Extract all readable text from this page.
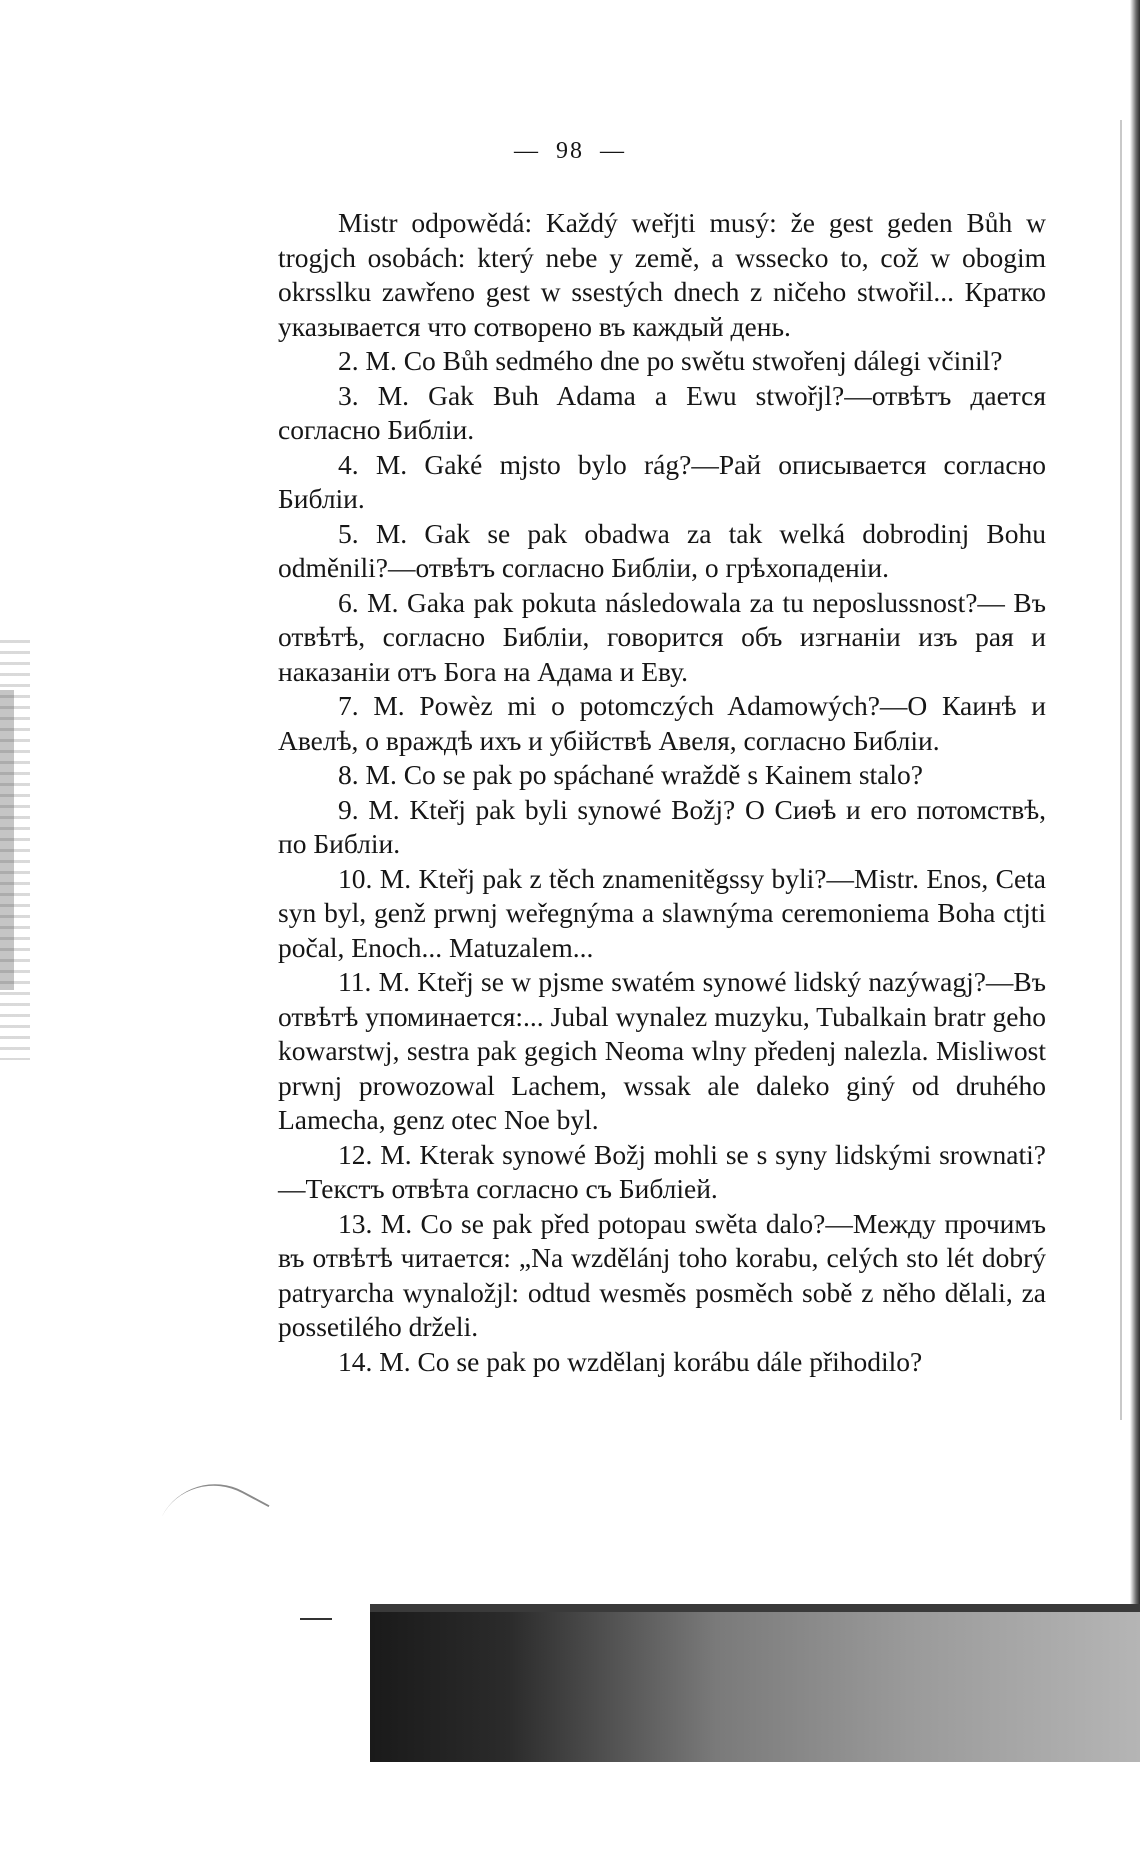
— 98 —

Mistr odpowědá: Každý weřjti musý: že gest geden Bůh w trogjch osobách: který nebe y země, a wssecko to, což w obogim okrsslku zawřeno gest w ssestých dnech z ničeho stwořil... Кратко указывается что сотворено въ каждый день.

2. M. Co Bůh sedmého dne po swětu stwořenj dálegi včinil?

3. M. Gak Buh Adama a Ewu stwořjl?—отвѣтъ дается согласно Библіи.

4. M. Gaké mjsto bylo rág?—Рай описывается согласно Библіи.

5. M. Gak se pak obadwa za tak welká dobrodinj Bohu odměnili?—отвѣтъ согласно Библіи, о грѣхопаденіи.

6. M. Gaka pak pokuta následowala za tu neposlussnost?— Въ отвѣтѣ, согласно Библіи, говорится объ изгнаніи изъ рая и наказаніи отъ Бога на Адама и Еву.

7. M. Powèz mi o potomczých Adamowých?—О Каинѣ и Авелѣ, о враждѣ ихъ и убійствѣ Авеля, согласно Библіи.

8. M. Co se pak po spáchané wraždě s Kainem stalo?

9. M. Kteřj pak byli synowé Božj? О Сиѳѣ и его потомствѣ, по Библіи.

10. M. Kteřj pak z těch znamenitěgssy byli?—Mistr. Enos, Ceta syn byl, genž prwnj weřegnýma a slawnýma ceremoniema Boha ctjti počal, Enoch... Matuzalem...

11. M. Kteřj se w pjsme swatém synowé lidský nazýwagj?—Въ отвѣтѣ упоминается:... Jubal wynalez muzyku, Tubalkain bratr geho kowarstwj, sestra pak gegich Neoma wlny předenj nalezla. Misliwost prwnj prowozowal Lachem, wssak ale daleko giný od druhého Lamecha, genz otec Noe byl.

12. M. Kterak synowé Božj mohli se s syny lidskými srownati?—Текстъ отвѣта согласно съ Библіей.

13. M. Co se pak před potopau swěta dalo?—Между прочимъ въ отвѣтѣ читается: „Na wzdělánj toho korabu, celých sto lét dobrý patryarcha wynaložjl: odtud wesměs posměch sobě z něho dělali, za possetilého drželi.

14. M. Co se pak po wzdělanj korábu dále přihodilo?
